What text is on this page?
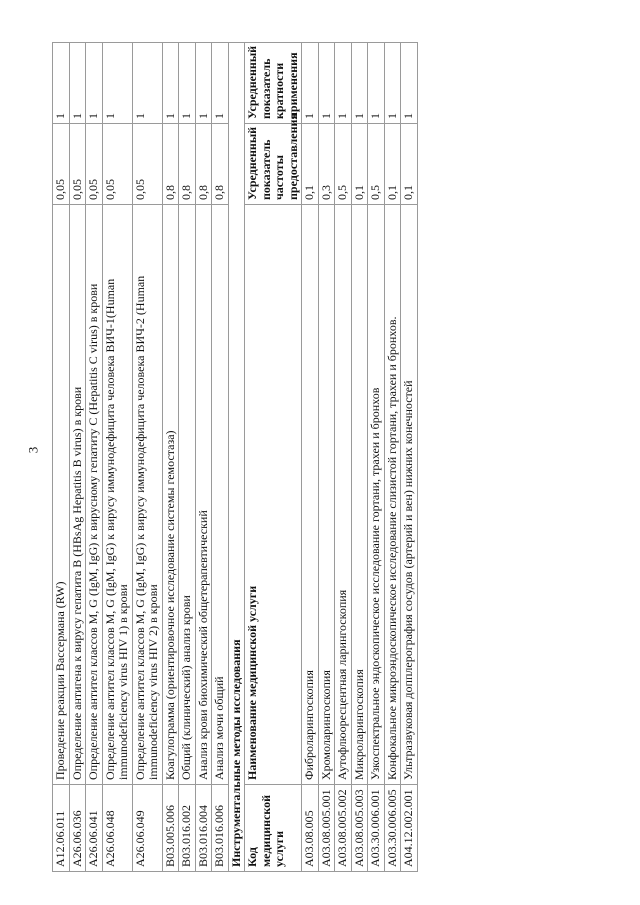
3
A12.06.011	Проведение реакции Вассермана (RW)	0,05	1
A26.06.036	Определение антигена к вирусу гепатита B (HBsAg Hepatitis B virus) в крови	0,05	1
A26.06.041	Определение антител классов M, G (IgM, IgG) к вирусному гепатиту C (Hepatitis C virus) в крови	0,05	1
A26.06.048	Определение антител классов M, G (IgM, IgG) к вирусу иммунодефицита человека ВИЧ-1(Human immunodeficiency virus HIV 1) в крови	0,05	1
A26.06.049	Определение антител классов M, G (IgM, IgG) к вирусу иммунодефицита человека ВИЧ-2 (Human immunodeficiency virus HIV 2) в крови	0,05	1
B03.005.006	Коагулограмма (ориентировочное исследование системы гемостаза)	0,8	1
B03.016.002	Общий (клинический) анализ крови	0,8	1
B03.016.004	Анализ крови биохимический общетерапевтический	0,8	1
B03.016.006	Анализ мочи общий	0,8	1
Инструментальные методы исследования			
Код медицинской услуги	Наименование медицинской услуги	Усредненный показатель частоты предоставления	Усредненный показатель кратности применения
A03.08.005	Фиброларингоскопия	0,1	1
A03.08.005.001	Хромоларингоскопия	0,3	1
A03.08.005.002	Аутофлюоресцентная ларингоскопия	0,5	1
A03.08.005.003	Микроларингоскопия	0,1	1
A03.30.006.001	Узкоспектральное эндоскопическое исследование гортани, трахеи и бронхов	0,5	1
A03.30.006.005	Конфокальное микроэндоскопическое исследование слизистой гортани, трахеи и бронхов.	0,1	1
A04.12.002.001	Ультразвуковая допплерография сосудов (артерий и вен) нижних конечностей	0,1	1
